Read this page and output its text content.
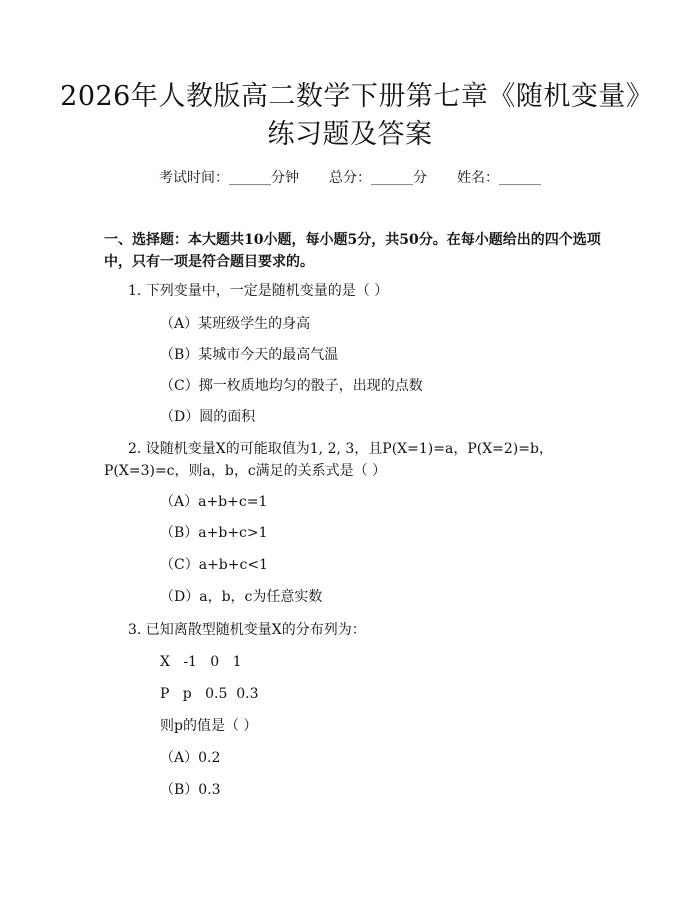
2026年人教版高二数学下册第七章《随机变量》练习题及答案
考试时间：______分钟 总分：______分 姓名：______
一、选择题：本大题共10小题，每小题5分，共50分。在每小题给出的四个选项中，只有一项是符合题目要求的。
1. 下列变量中，一定是随机变量的是（ ）
（A）某班级学生的身高
（B）某城市今天的最高气温
（C）掷一枚质地均匀的骰子，出现的点数
（D）圆的面积
2. 设随机变量X的可能取值为1, 2, 3，且P(X=1)=a，P(X=2)=b，P(X=3)=c，则a，b，c满足的关系式是（ ）
（A）a+b+c=1
（B）a+b+c>1
（C）a+b+c<1
（D）a，b，c为任意实数
3. 已知离散型随机变量X的分布列为：
X   -1   0   1
P   p   0.5  0.3
则p的值是（ ）
（A）0.2
（B）0.3
